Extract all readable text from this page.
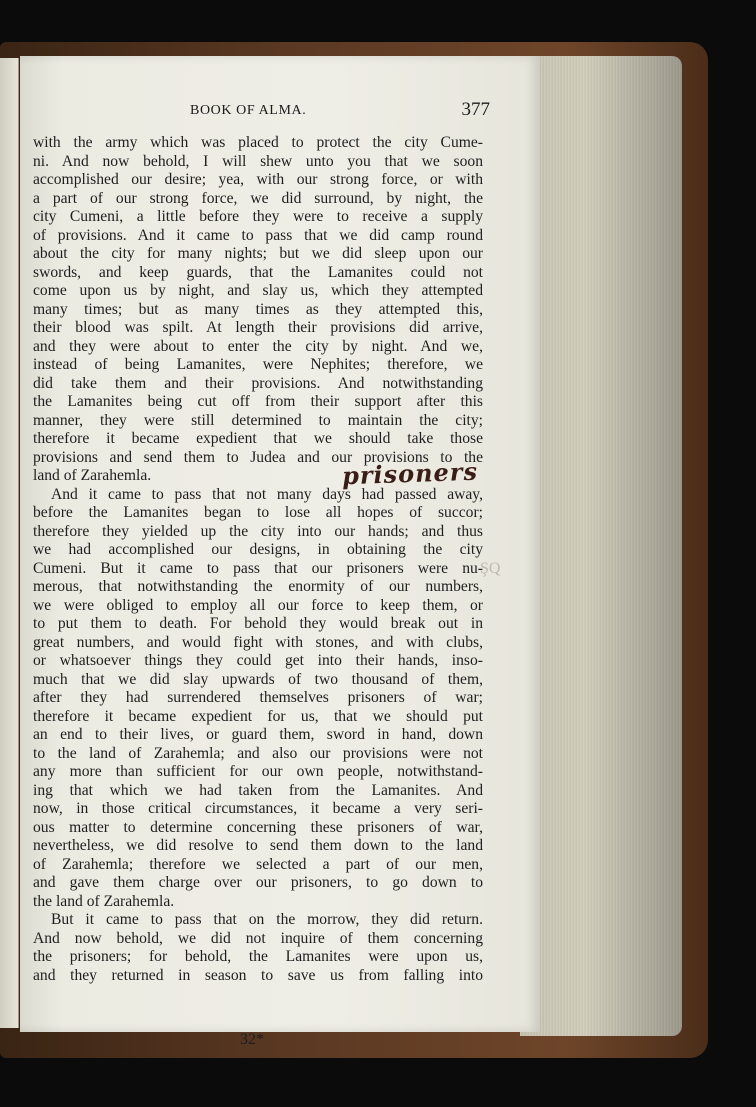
BOOK OF ALMA.	377
with the army which was placed to protect the city Cume-
ni. And now behold, I will shew unto you that we soon
accomplished our desire; yea, with our strong force, or with
a part of our strong force, we did surround, by night, the
city Cumeni, a little before they were to receive a supply
of provisions. And it came to pass that we did camp round
about the city for many nights; but we did sleep upon our
swords, and keep guards, that the Lamanites could not
come upon us by night, and slay us, which they attempted
many times; but as many times as they attempted this,
their blood was spilt. At length their provisions did arrive,
and they were about to enter the city by night. And we,
instead of being Lamanites, were Nephites; therefore, we
did take them and their provisions. And notwithstanding
the Lamanites being cut off from their support after this
manner, they were still determined to maintain the city;
therefore it became expedient that we should take those
provisions and send them to Judea and our provisions to the
land of Zarahemla.
And it came to pass that not many days had passed away,
before the Lamanites began to lose all hopes of succor;
therefore they yielded up the city into our hands; and thus
we had accomplished our designs, in obtaining the city
Cumeni. But it came to pass that our prisoners were nu-
merous, that notwithstanding the enormity of our numbers,
we were obliged to employ all our force to keep them, or
to put them to death. For behold they would break out in
great numbers, and would fight with stones, and with clubs,
or whatsoever things they could get into their hands, inso-
much that we did slay upwards of two thousand of them,
after they had surrendered themselves prisoners of war;
therefore it became expedient for us, that we should put
an end to their lives, or guard them, sword in hand, down
to the land of Zarahemla; and also our provisions were not
any more than sufficient for our own people, notwithstand-
ing that which we had taken from the Lamanites. And
now, in those critical circumstances, it became a very seri-
ous matter to determine concerning these prisoners of war,
nevertheless, we did resolve to send them down to the land
of Zarahemla; therefore we selected a part of our men,
and gave them charge over our prisoners, to go down to
the land of Zarahemla.
But it came to pass that on the morrow, they did return.
And now behold, we did not inquire of them concerning
the prisoners; for behold, the Lamanites were upon us,
and they returned in season to save us from falling into
32*
prisoners
ŞQ
